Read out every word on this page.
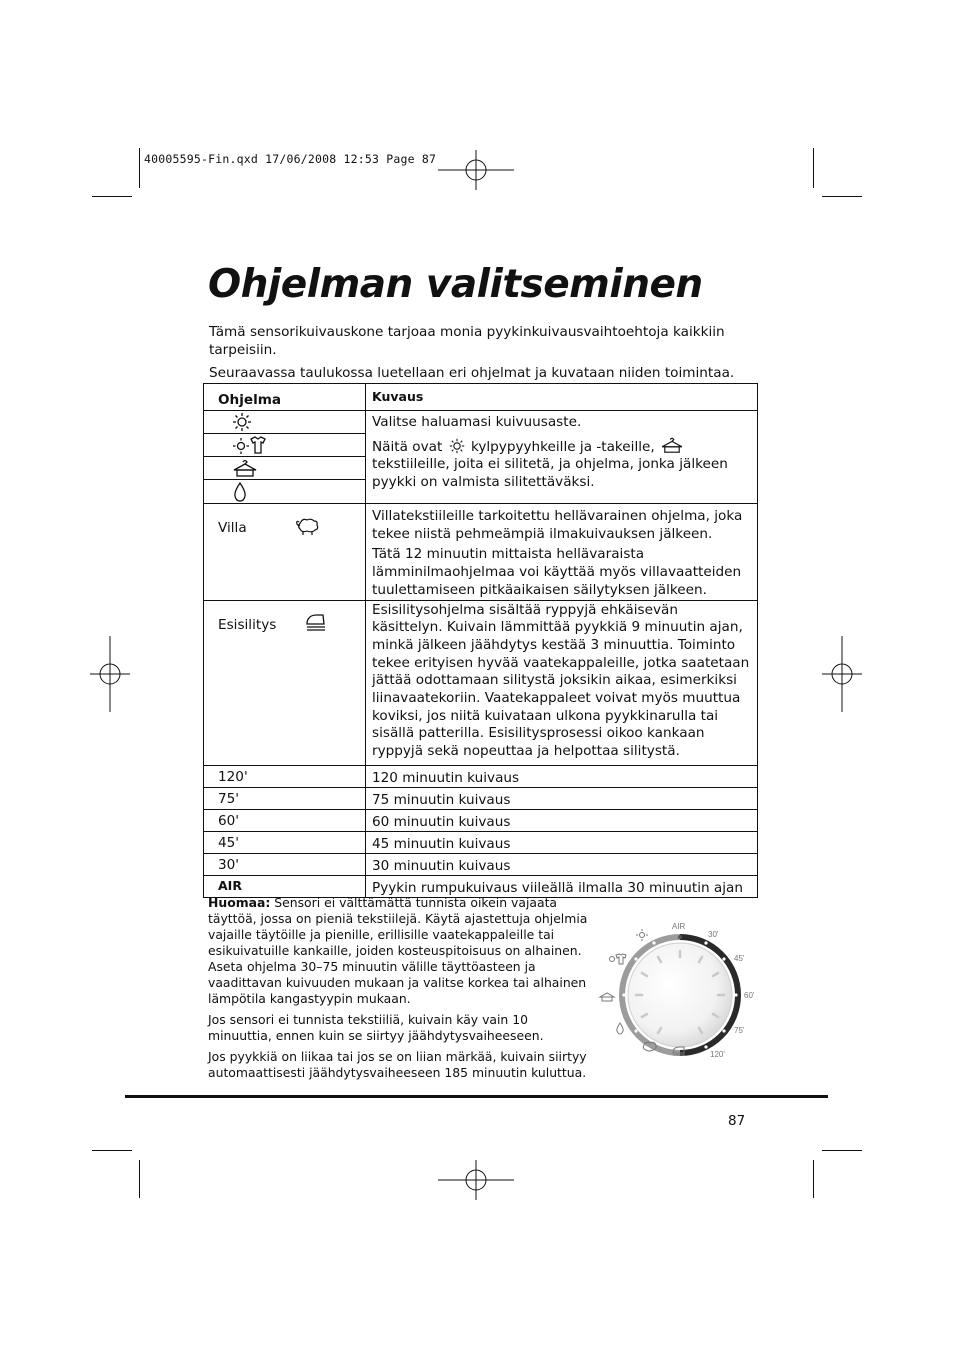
40005595-Fin.qxd 17/06/2008 12:53 Page 87
Ohjelman valitseminen
Tämä sensorikuivauskone tarjoaa monia pyykinkuivausvaihtoehtoja kaikkiin tarpeisiin.
Seuraavassa taulukossa luetellaan eri ohjelmat ja kuvataan niiden toimintaa.
Ohjelma	Kuvaus

Valitse haluamasi kuivuusaste.
Näitä ovat kylpypyyhkeille ja -takeille,  tekstiileille, joita ei silitetä, ja ohjelma, jonka jälkeen pyykki on valmista silitettäväksi.

Villa	Villatekstiileille tarkoitettu hellävarainen ohjelma, joka tekee niistä pehmeämpiä ilmakuivauksen jälkeen.
Tätä 12 minuutin mittaista hellävaraista lämminilmaohjelmaa voi käyttää myös villavaatteiden tuulettamiseen pitkäaikaisen säilytyksen jälkeen.

Esisilitys	Esisilitysohjelma sisältää ryppyjä ehkäisevän käsittelyn. Kuivain lämmittää pyykkiä 9 minuutin ajan, minkä jälkeen jäähdytys kestää 3 minuuttia. Toiminto tekee erityisen hyvää vaatekappaleille, jotka saatetaan jättää odottamaan silitystä joksikin aikaa, esimerkiksi liinavaatekoriin. Vaatekappaleet voivat myös muuttua koviksi, jos niitä kuivataan ulkona pyykkinarulla tai sisällä patterilla. Esisilitysprosessi oikoo kankaan ryppyjä sekä nopeuttaa ja helpottaa silitystä.

120'	120 minuutin kuivaus
75'	75 minuutin kuivaus
60'	60 minuutin kuivaus
45'	45 minuutin kuivaus
30'	30 minuutin kuivaus
AIR	Pyykin rumpukuivaus viileällä ilmalla 30 minuutin ajan

Huomaa: Sensori ei välttämättä tunnista oikein vajaata täyttöä, jossa on pieniä tekstiilejä. Käytä ajastettuja ohjelmia vajaille täytöille ja pienille, erillisille vaatekappaleille tai esikuivatuille kankaille, joiden kosteuspitoisuus on alhainen. Aseta ohjelma 30–75 minuutin välille täyttöasteen ja vaadittavan kuivuuden mukaan ja valitse korkea tai alhainen lämpötila kangastyypin mukaan.

Jos sensori ei tunnista tekstiiliä, kuivain käy vain 10 minuuttia, ennen kuin se siirtyy jäähdytysvaiheeseen.

Jos pyykkiä on liikaa tai jos se on liian märkää, kuivain siirtyy automaattisesti jäähdytysvaiheeseen 185 minuutin kuluttua.

AIR
30'
45'
60'
75'
120'
87
